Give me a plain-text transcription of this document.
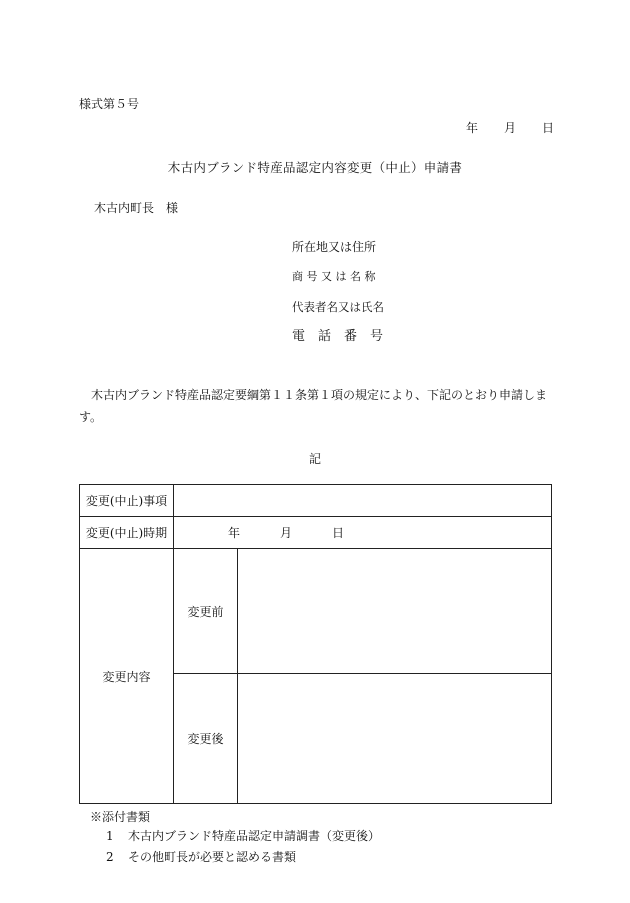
様式第５号
年 月 日
木古内ブランド特産品認定内容変更（中止）申請書
木古内町長　様
所在地又は住所
商号又は名称
代表者名又は氏名
電　話　番　号
木古内ブランド特産品認定要綱第１１条第１項の規定により、下記のとおり申請します。
記
変更(中止)事項		
変更(中止)時期	年 月 日	
変更内容	変更前	
	変更後	
※添付書類
1 木古内ブランド特産品認定申請調書（変更後）
2 その他町長が必要と認める書類
